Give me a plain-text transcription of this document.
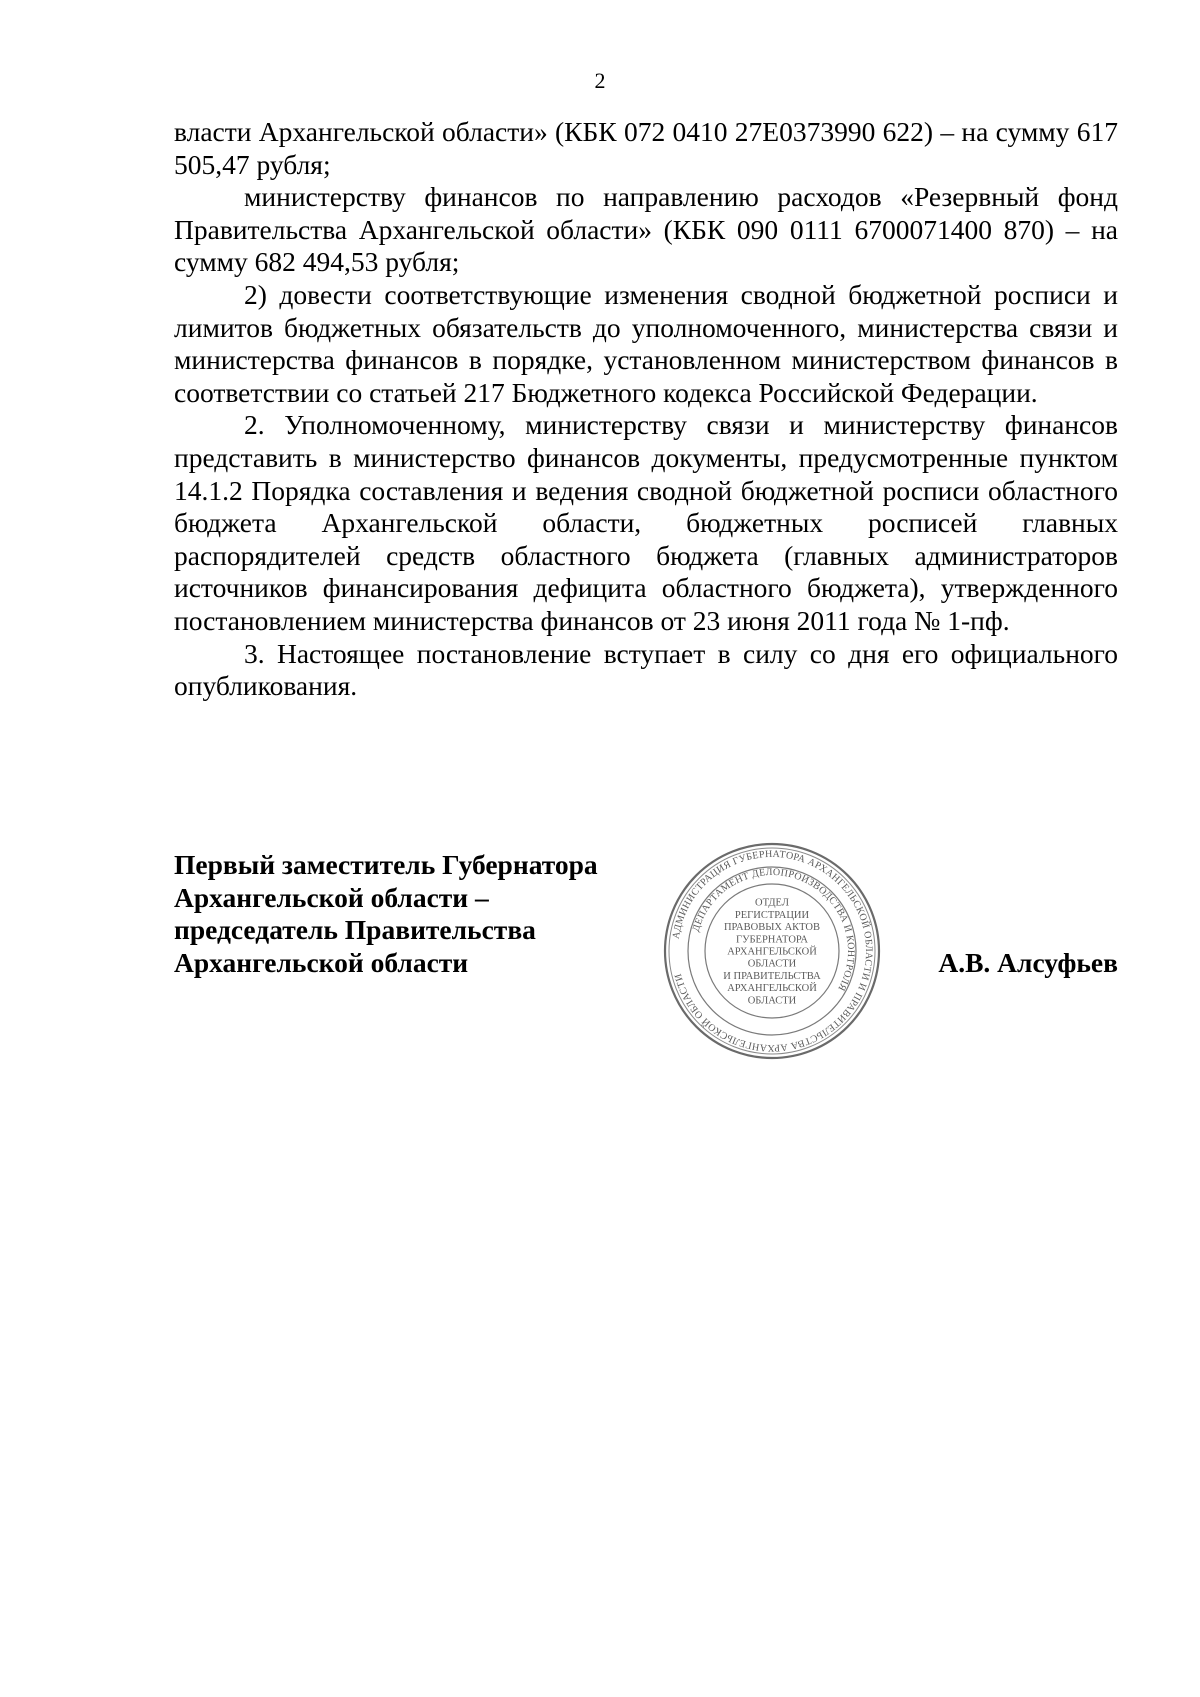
2

власти Архангельской области» (КБК 072 0410 27Е0373990 622) – на сумму 617 505,47 рубля;

министерству финансов по направлению расходов «Резервный фонд Правительства Архангельской области» (КБК 090 0111 6700071400 870) – на сумму 682 494,53 рубля;

2) довести соответствующие изменения сводной бюджетной росписи и лимитов бюджетных обязательств до уполномоченного, министерства связи и министерства финансов в порядке, установленном министерством финансов в соответствии со статьей 217 Бюджетного кодекса Российской Федерации.

2. Уполномоченному, министерству связи и министерству финансов представить в министерство финансов документы, предусмотренные пунктом 14.1.2 Порядка составления и ведения сводной бюджетной росписи областного бюджета Архангельской области, бюджетных росписей главных распорядителей средств областного бюджета (главных администраторов источников финансирования дефицита областного бюджета), утвержденного постановлением министерства финансов от 23 июня 2011 года № 1-пф.

3. Настоящее постановление вступает в силу со дня его официального опубликования.

Первый заместитель Губернатора
Архангельской области –
председатель Правительства
Архангельской области
АДМИНИСТРАЦИЯ ГУБЕРНАТОРА АРХАНГЕЛЬСКОЙ ОБЛАСТИ И ПРАВИТЕЛЬСТВА АРХАНГЕЛЬСКОЙ ОБЛАСТИ
ДЕПАРТАМЕНТ ДЕЛОПРОИЗВОДСТВА И КОНТРОЛЯ
ОТДЕЛ
РЕГИСТРАЦИИ
ПРАВОВЫХ АКТОВ
ГУБЕРНАТОРА
АРХАНГЕЛЬСКОЙ
ОБЛАСТИ
И ПРАВИТЕЛЬСТВА
АРХАНГЕЛЬСКОЙ
ОБЛАСТИ
А.В. Алсуфьев
